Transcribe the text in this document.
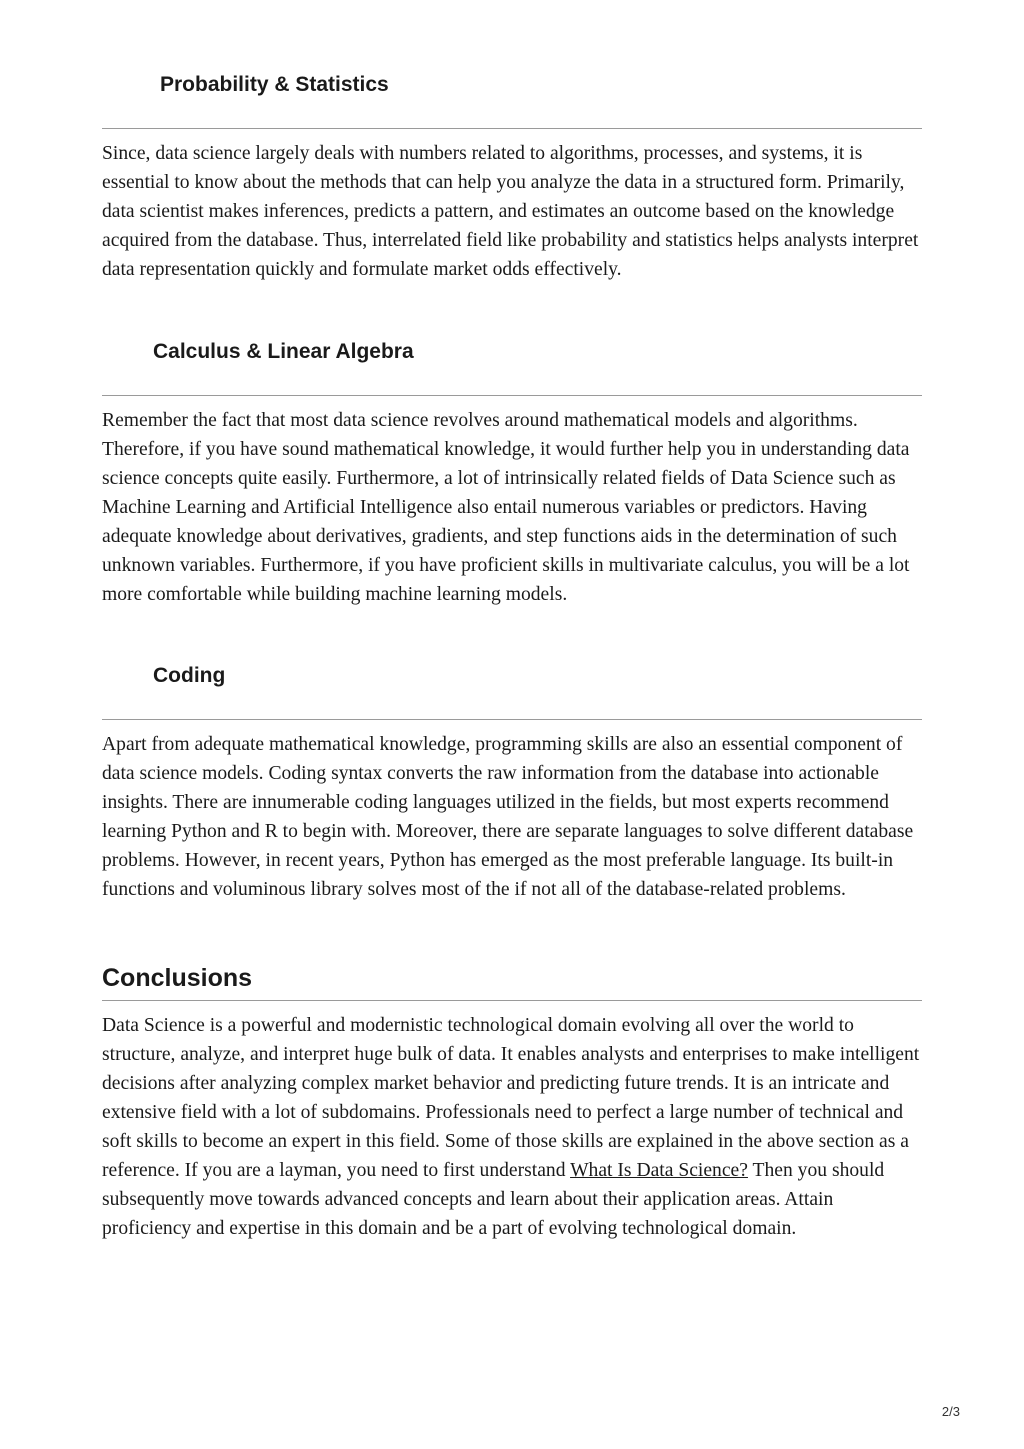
Probability & Statistics

Since, data science largely deals with numbers related to algorithms, processes, and systems, it is essential to know about the methods that can help you analyze the data in a structured form. Primarily, data scientist makes inferences, predicts a pattern, and estimates an outcome based on the knowledge acquired from the database. Thus, interrelated field like probability and statistics helps analysts interpret data representation quickly and formulate market odds effectively.

Calculus & Linear Algebra

Remember the fact that most data science revolves around mathematical models and algorithms. Therefore, if you have sound mathematical knowledge, it would further help you in understanding data science concepts quite easily. Furthermore, a lot of intrinsically related fields of Data Science such as Machine Learning and Artificial Intelligence also entail numerous variables or predictors. Having adequate knowledge about derivatives, gradients, and step functions aids in the determination of such unknown variables. Furthermore, if you have proficient skills in multivariate calculus, you will be a lot more comfortable while building machine learning models.

Coding

Apart from adequate mathematical knowledge, programming skills are also an essential component of data science models. Coding syntax converts the raw information from the database into actionable insights. There are innumerable coding languages utilized in the fields, but most experts recommend learning Python and R to begin with. Moreover, there are separate languages to solve different database problems. However, in recent years, Python has emerged as the most preferable language. Its built-in functions and voluminous library solves most of the if not all of the database-related problems.

Conclusions

Data Science is a powerful and modernistic technological domain evolving all over the world to structure, analyze, and interpret huge bulk of data. It enables analysts and enterprises to make intelligent decisions after analyzing complex market behavior and predicting future trends. It is an intricate and extensive field with a lot of subdomains. Professionals need to perfect a large number of technical and soft skills to become an expert in this field. Some of those skills are explained in the above section as a reference. If you are a layman, you need to first understand What Is Data Science? Then you should subsequently move towards advanced concepts and learn about their application areas. Attain proficiency and expertise in this domain and be a part of evolving technological domain.

2/3
